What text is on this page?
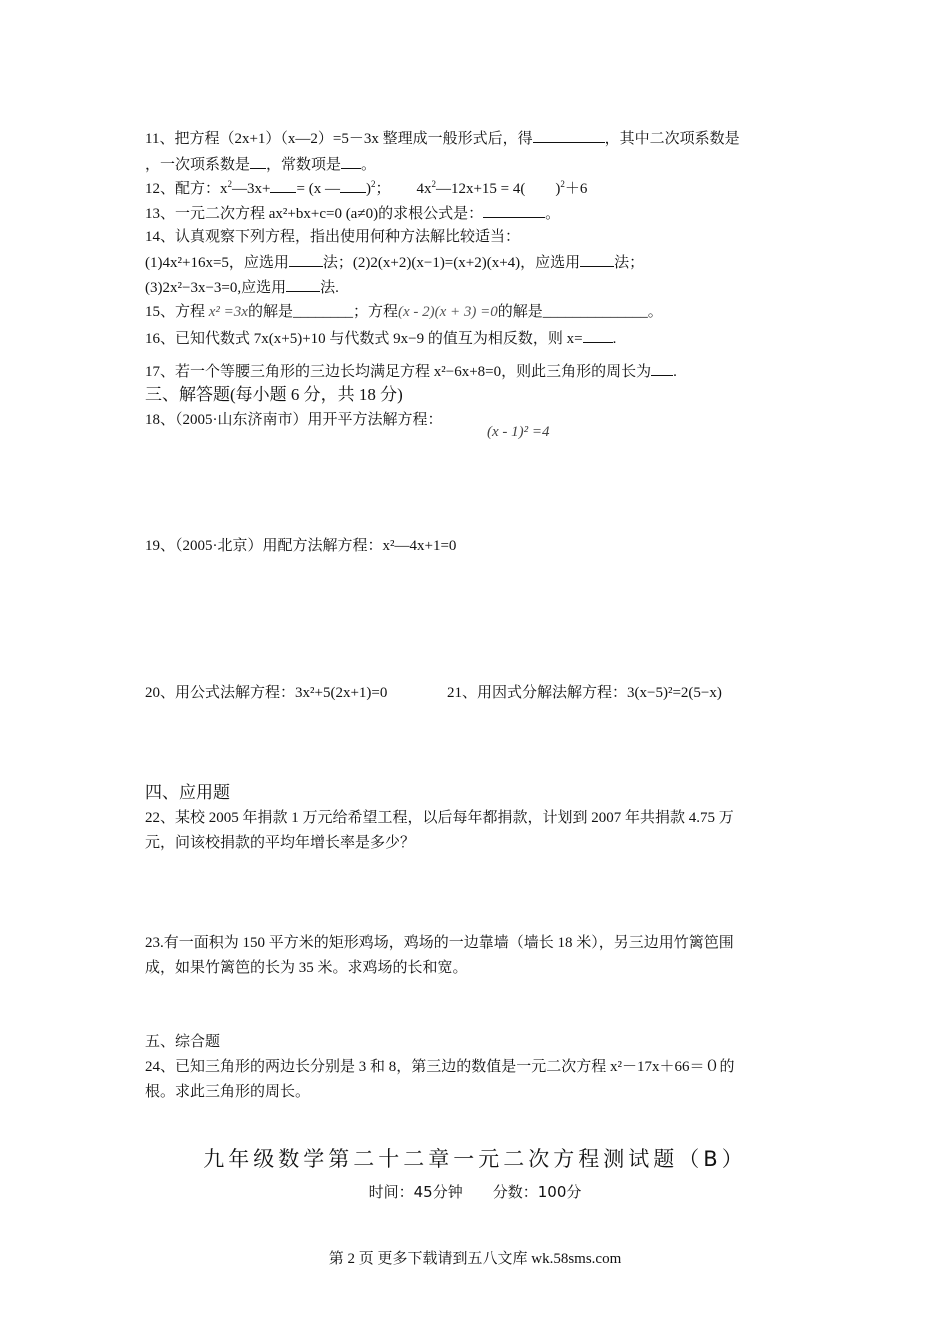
11、把方程（2x+1）（x—2）=5－3x 整理成一般形式后，得	，其中二次项系数是
，一次项系数是 ，常数项是 。
12、配方：$x^2—3x+ = (x$ — )$^2$； $4x^2—12x+15 = 4$( )$^2$＋6
13、一元二次方程 ax²+bx+c=0 (a≠0)的求根公式是：	。
14、认真观察下列方程，指出使用何种方法解比较适当：
(1)4x²+16x=5，应选用 法；(2)2(x+2)(x−1)=(x+2)(x+4)，应选用 法；
(3)2x²−3x−3=0,应选用 法.
15、方程 x² =3x的解是________；方程(x - 2)(x + 3) =0的解是______________。
16、已知代数式 7x(x+5)+10 与代数式 9x−9 的值互为相反数，则 x= .
17、若一个等腰三角形的三边长均满足方程 x²−6x+8=0，则此三角形的周长为 .
三、解答题(每小题 6 分，共 18 分)
18、（2005·山东济南市）用开平方法解方程：
(x - 1)² =4
19、（2005·北京）用配方法解方程：x²—4x+1=0
20、用公式法解方程：3x²+5(2x+1)=0	21、用因式分解法解方程：3(x−5)²=2(5−x)
四、应用题
22、某校 2005 年捐款 1 万元给希望工程，以后每年都捐款，计划到 2007 年共捐款 4.75 万
元，问该校捐款的平均年增长率是多少？
23.有一面积为 150 平方米的矩形鸡场，鸡场的一边靠墙（墙长 18 米），另三边用竹篱笆围
成，如果竹篱笆的长为 35 米。求鸡场的长和宽。
五、综合题
24、已知三角形的两边长分别是 3 和 8，第三边的数值是一元二次方程 x²－17x＋66＝０的
根。求此三角形的周长。
九年级数学第二十二章一元二次方程测试题（B）
时间：45分钟　　分数：100分
第 2 页 更多下载请到五八文库 wk.58sms.com
